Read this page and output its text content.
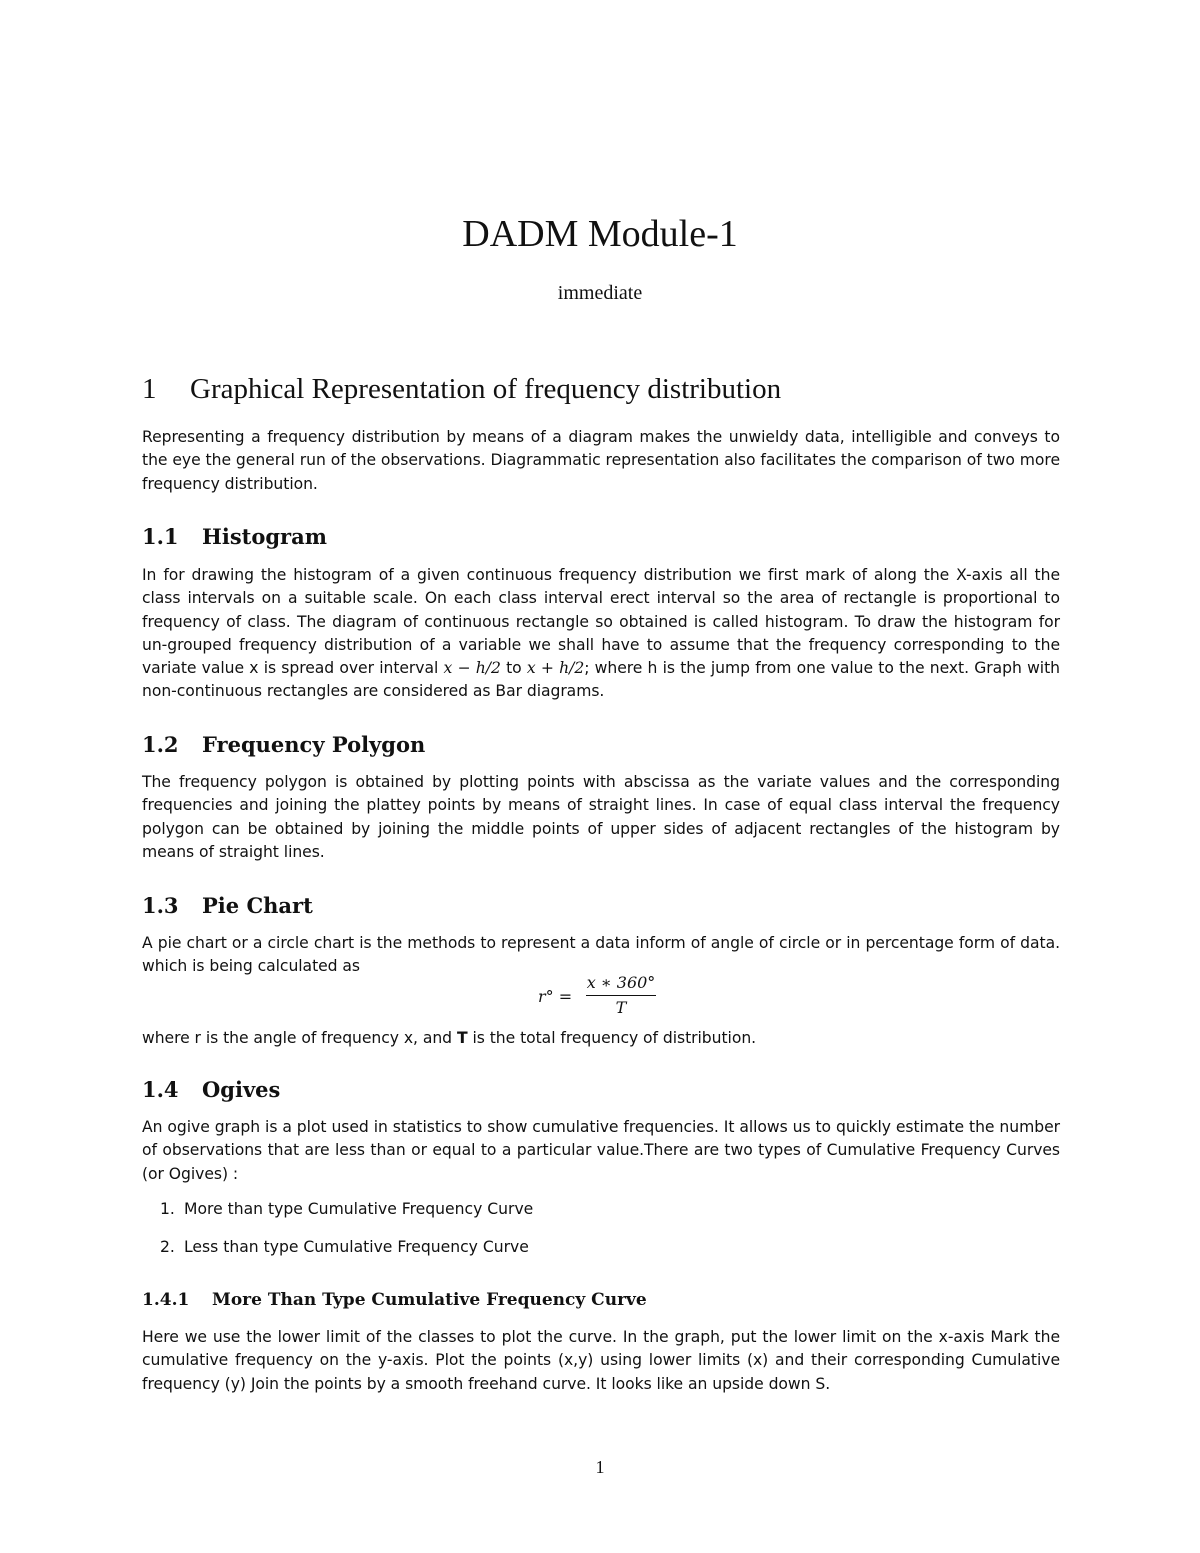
DADM Module-1

immediate

1 Graphical Representation of frequency distribution

Representing a frequency distribution by means of a diagram makes the unwieldy data, intelligible and conveys to the eye the general run of the observations. Diagrammatic representation also facilitates the comparison of two more frequency distribution.

1.1 Histogram

In for drawing the histogram of a given continuous frequency distribution we first mark of along the X-axis all the class intervals on a suitable scale. On each class interval erect interval so the area of rectangle is proportional to frequency of class. The diagram of continuous rectangle so obtained is called histogram. To draw the histogram for un-grouped frequency distribution of a variable we shall have to assume that the frequency corresponding to the variate value x is spread over interval x − h/2 to x + h/2; where h is the jump from one value to the next. Graph with non-continuous rectangles are considered as Bar diagrams.

1.2 Frequency Polygon

The frequency polygon is obtained by plotting points with abscissa as the variate values and the corresponding frequencies and joining the plattey points by means of straight lines. In case of equal class interval the frequency polygon can be obtained by joining the middle points of upper sides of adjacent rectangles of the histogram by means of straight lines.

1.3 Pie Chart

A pie chart or a circle chart is the methods to represent a data inform of angle of circle or in percentage form of data. which is being calculated as

r° =
x ∗ 360°
T

where r is the angle of frequency x, and T is the total frequency of distribution.

1.4 Ogives

An ogive graph is a plot used in statistics to show cumulative frequencies. It allows us to quickly estimate the number of observations that are less than or equal to a particular value.There are two types of Cumulative Frequency Curves (or Ogives) :

1. More than type Cumulative Frequency Curve
2. Less than type Cumulative Frequency Curve
1.4.1 More Than Type Cumulative Frequency Curve

Here we use the lower limit of the classes to plot the curve. In the graph, put the lower limit on the x-axis Mark the cumulative frequency on the y-axis. Plot the points (x,y) using lower limits (x) and their corresponding Cumulative frequency (y) Join the points by a smooth freehand curve. It looks like an upside down S.

1
